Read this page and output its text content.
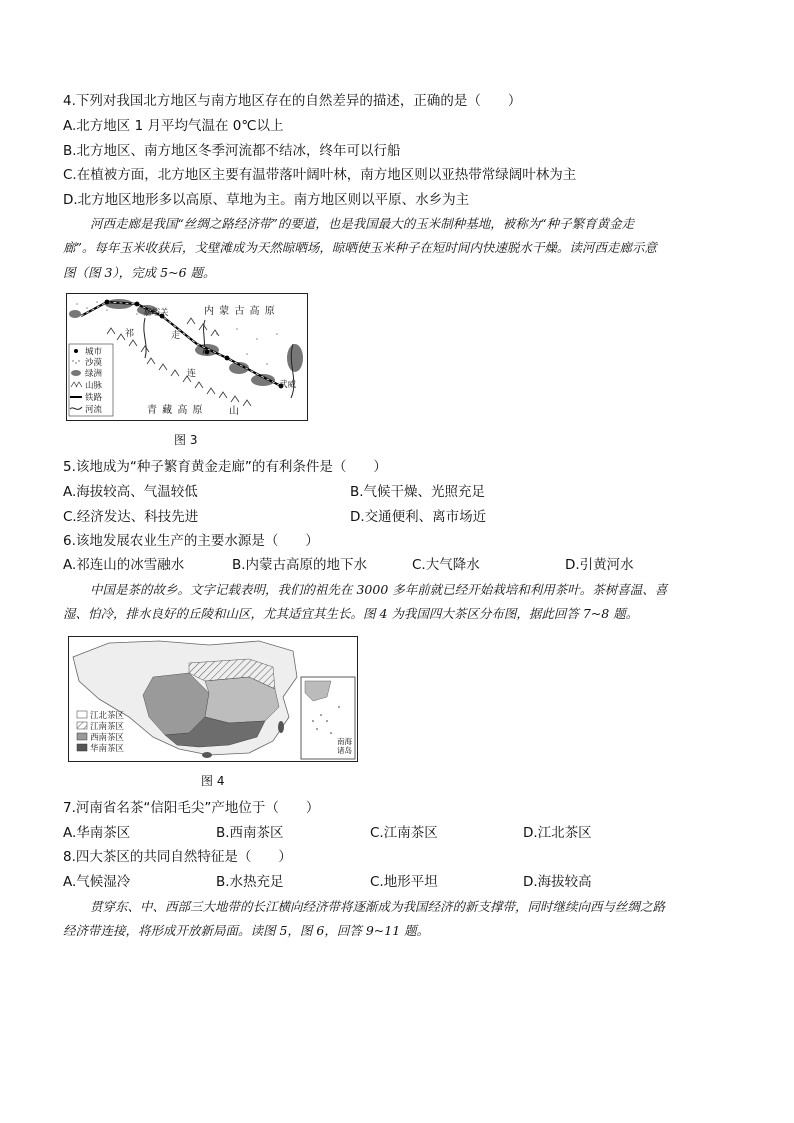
4.下列对我国北方地区与南方地区存在的自然差异的描述，正确的是（　　）
A.北方地区 1 月平均气温在 0℃以上
B.北方地区、南方地区冬季河流都不结冰，终年可以行船
C.在植被方面，北方地区主要有温带落叶阔叶林，南方地区则以亚热带常绿阔叶林为主
D.北方地区地形多以高原、草地为主。南方地区则以平原、水乡为主
河西走廊是我国“丝绸之路经济带”的要道，也是我国最大的玉米制种基地，被称为“种子繁育黄金走
廊”。每年玉米收获后，戈壁滩成为天然晾晒场，晾晒使玉米种子在短时间内快速脱水干燥。读河西走廊示意
图（图 3），完成 5~6 题。
内 蒙 古 高 原
青 藏 高 原	山
嘉峪关
武威
祁
连
走
城市
沙漠
绿洲
山脉
铁路
河流
图 3
5.该地成为“种子繁育黄金走廊”的有利条件是（　　）
A.海拔较高、气温较低	B.气候干燥、光照充足
C.经济发达、科技先进	D.交通便利、离市场近
6.该地发展农业生产的主要水源是（　　）
A.祁连山的冰雪融水	B.内蒙古高原的地下水	C.大气降水	D.引黄河水
中国是茶的故乡。文字记载表明，我们的祖先在 3000 多年前就已经开始栽培和利用茶叶。茶树喜温、喜
湿、怕冷，排水良好的丘陵和山区，尤其适宜其生长。图 4 为我国四大茶区分布图，据此回答 7~8 题。
江北茶区
江南茶区
西南茶区
华南茶区
南海诸岛
图 4
7.河南省名茶“信阳毛尖”产地位于（　　）
A.华南茶区	B.西南茶区	C.江南茶区	D.江北茶区
8.四大茶区的共同自然特征是（　　）
A.气候湿冷	B.水热充足	C.地形平坦	D.海拔较高
贯穿东、中、西部三大地带的长江横向经济带将逐渐成为我国经济的新支撑带，同时继续向西与丝绸之路
经济带连接，将形成开放新局面。读图 5，图 6，回答 9~11 题。
